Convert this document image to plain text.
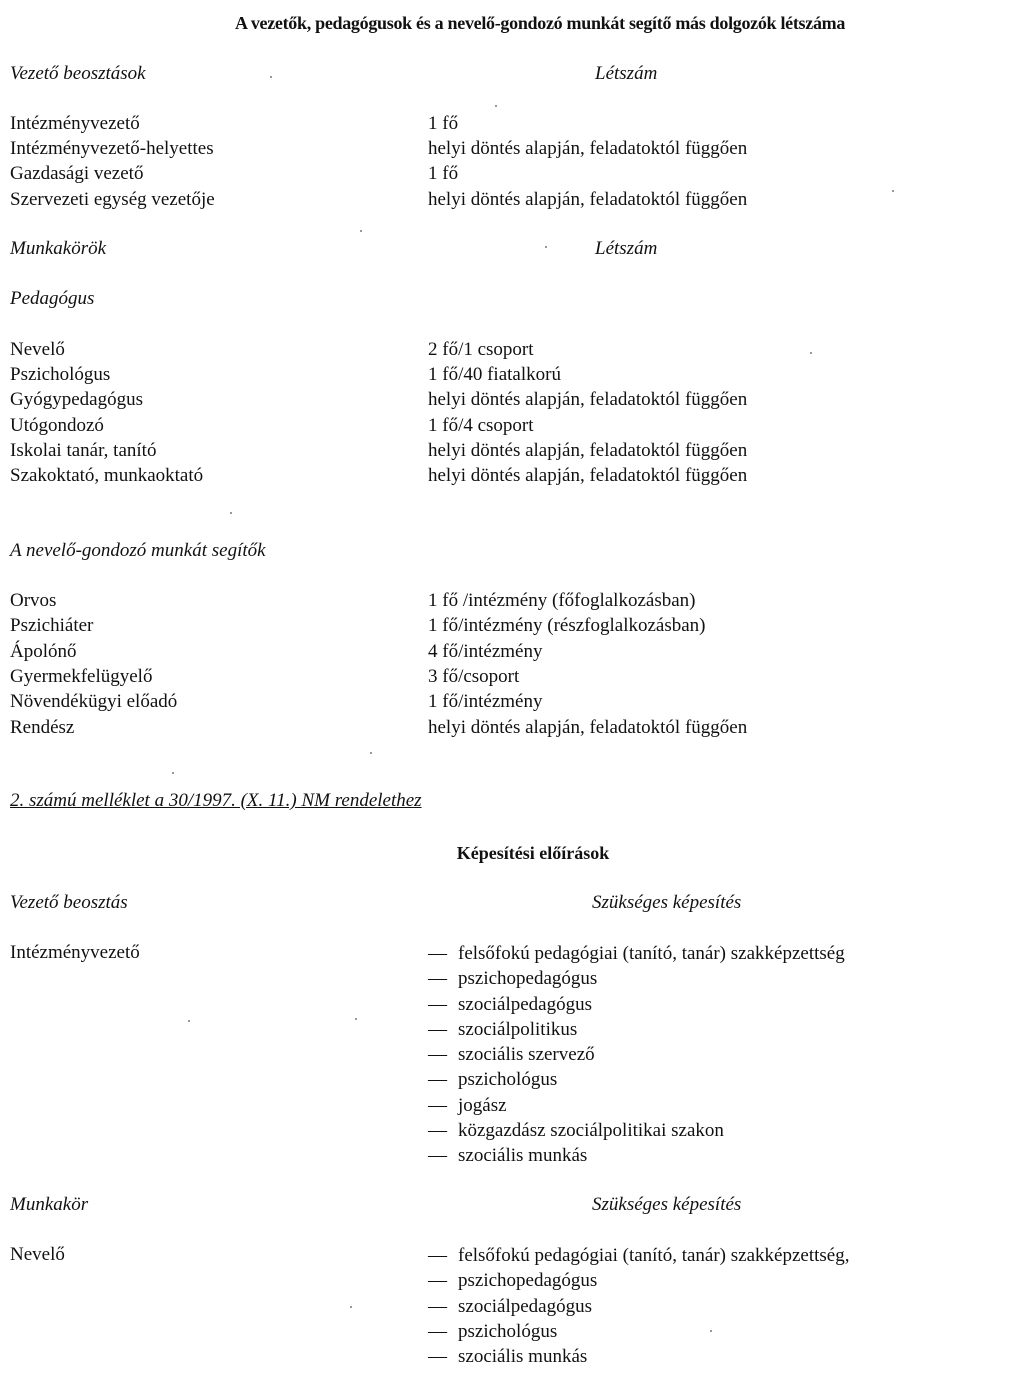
A vezetők, pedagógusok és a nevelő-gondozó munkát segítő más dolgozók létszáma
Vezető beosztások	Létszám
Intézményvezető	1 fő
Intézményvezető-helyettes	helyi döntés alapján, feladatoktól függően
Gazdasági vezető	1 fő
Szervezeti egység vezetője	helyi döntés alapján, feladatoktól függően
Munkakörök	Létszám
Pedagógus
Nevelő	2 fő/1 csoport
Pszichológus	1 fő/40 fiatalkorú
Gyógypedagógus	helyi döntés alapján, feladatoktól függően
Utógondozó	1 fő/4 csoport
Iskolai tanár, tanító	helyi döntés alapján, feladatoktól függően
Szakoktató, munkaoktató	helyi döntés alapján, feladatoktól függően
A nevelő-gondozó munkát segítők
Orvos	1 fő /intézmény (főfoglalkozásban)
Pszichiáter	1 fő/intézmény (részfoglalkozásban)
Ápolónő	4 fő/intézmény
Gyermekfelügyelő	3 fő/csoport
Növendékügyi előadó	1 fő/intézmény
Rendész	helyi döntés alapján, feladatoktól függően
2. számú melléklet a 30/1997. (X. 11.) NM rendelethez
Képesítési előírások
Vezető beosztás	Szükséges képesítés
Intézményvezető	— felsőfokú pedagógiai (tanító, tanár) szakképzettség
— pszichopedagógus
— szociálpedagógus
— szociálpolitikus
— szociális szervező
— pszichológus
— jogász
— közgazdász szociálpolitikai szakon
— szociális munkás
Munkakör	Szükséges képesítés
Nevelő	— felsőfokú pedagógiai (tanító, tanár) szakképzettség,
— pszichopedagógus
— szociálpedagógus
— pszichológus
— szociális munkás
